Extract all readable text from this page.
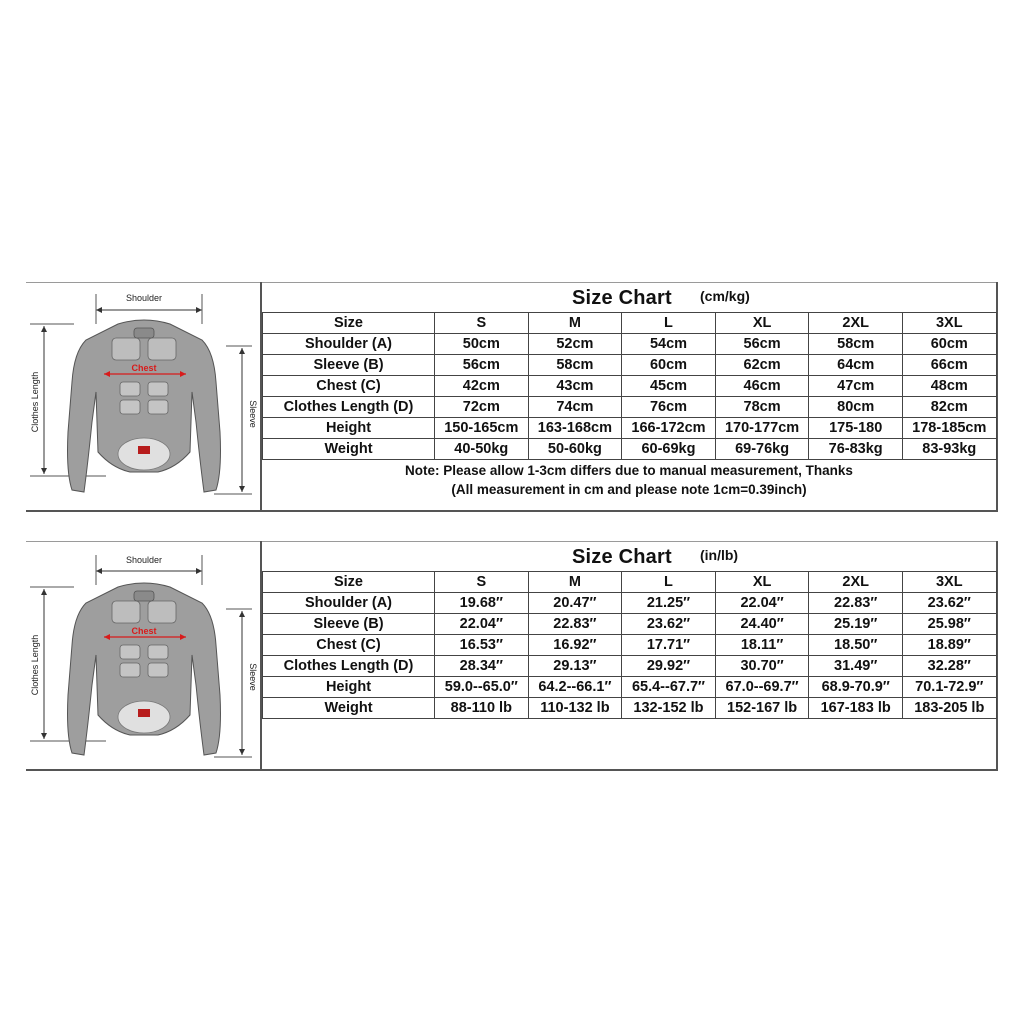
Shoulder
Clothes Length	Sleeve
Chest
Size Chart (cm/kg)
Size	S	M	L	XL	2XL	3XL
Shoulder (A)	50cm	52cm	54cm	56cm	58cm	60cm
Sleeve (B)	56cm	58cm	60cm	62cm	64cm	66cm
Chest (C)	42cm	43cm	45cm	46cm	47cm	48cm
Clothes Length (D)	72cm	74cm	76cm	78cm	80cm	82cm
Height	150-165cm	163-168cm	166-172cm	170-177cm	175-180	178-185cm
Weight	40-50kg	50-60kg	60-69kg	69-76kg	76-83kg	83-93kg
Note: Please allow 1-3cm differs due to manual measurement, Thanks
(All measurement in cm and please note 1cm=0.39inch)
Shoulder
Clothes Length	Sleeve
Chest
Size Chart (in/lb)
Size	S	M	L	XL	2XL	3XL
Shoulder (A)	19.68″	20.47″	21.25″	22.04″	22.83″	23.62″
Sleeve (B)	22.04″	22.83″	23.62″	24.40″	25.19″	25.98″
Chest (C)	16.53″	16.92″	17.71″	18.11″	18.50″	18.89″
Clothes Length (D)	28.34″	29.13″	29.92″	30.70″	31.49″	32.28″
Height	59.0--65.0″	64.2--66.1″	65.4--67.7″	67.0--69.7″	68.9-70.9″	70.1-72.9″
Weight	88-110 lb	110-132 lb	132-152 lb	152-167 lb	167-183 lb	183-205 lb
